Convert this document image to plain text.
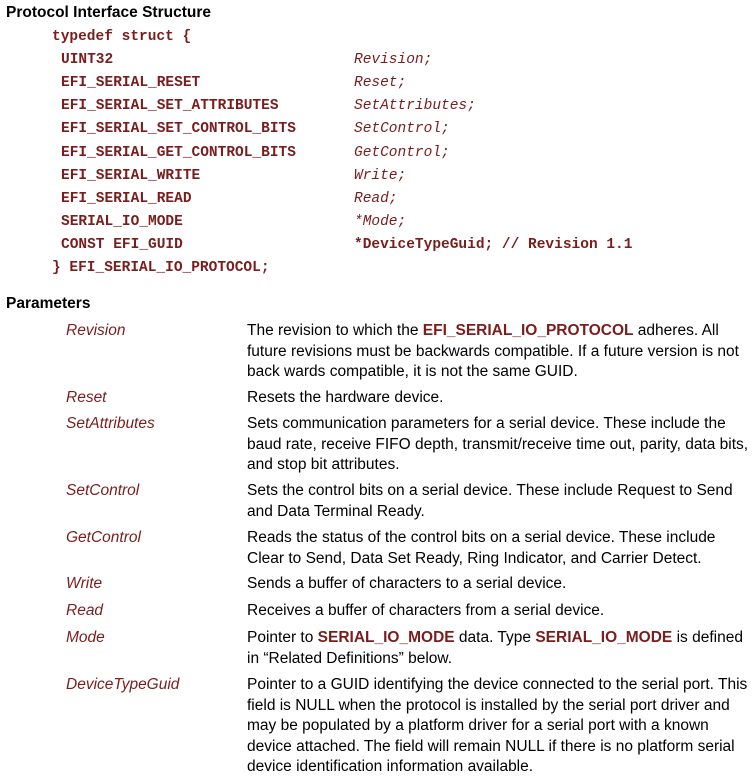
Protocol Interface Structure
typedef struct {
UINT32	Revision;
EFI_SERIAL_RESET	Reset;
EFI_SERIAL_SET_ATTRIBUTES	SetAttributes;
EFI_SERIAL_SET_CONTROL_BITS	SetControl;
EFI_SERIAL_GET_CONTROL_BITS	GetControl;
EFI_SERIAL_WRITE	Write;
EFI_SERIAL_READ	Read;
SERIAL_IO_MODE	*Mode;
CONST EFI_GUID	*DeviceTypeGuid; // Revision 1.1
} EFI_SERIAL_IO_PROTOCOL;
Parameters
Revision	The revision to which the EFI_SERIAL_IO_PROTOCOL adheres. All future revisions must be backwards compatible. If a future version is not back wards compatible, it is not the same GUID.
Reset	Resets the hardware device.
SetAttributes	Sets communication parameters for a serial device. These include the baud rate, receive FIFO depth, transmit/receive time out, parity, data bits, and stop bit attributes.
SetControl	Sets the control bits on a serial device. These include Request to Send and Data Terminal Ready.
GetControl	Reads the status of the control bits on a serial device. These include Clear to Send, Data Set Ready, Ring Indicator, and Carrier Detect.
Write	Sends a buffer of characters to a serial device.
Read	Receives a buffer of characters from a serial device.
Mode	Pointer to SERIAL_IO_MODE data. Type SERIAL_IO_MODE is defined in “Related Definitions” below.
DeviceTypeGuid	Pointer to a GUID identifying the device connected to the serial port. This field is NULL when the protocol is installed by the serial port driver and may be populated by a platform driver for a serial port with a known device attached. The field will remain NULL if there is no platform serial device identification information available.
